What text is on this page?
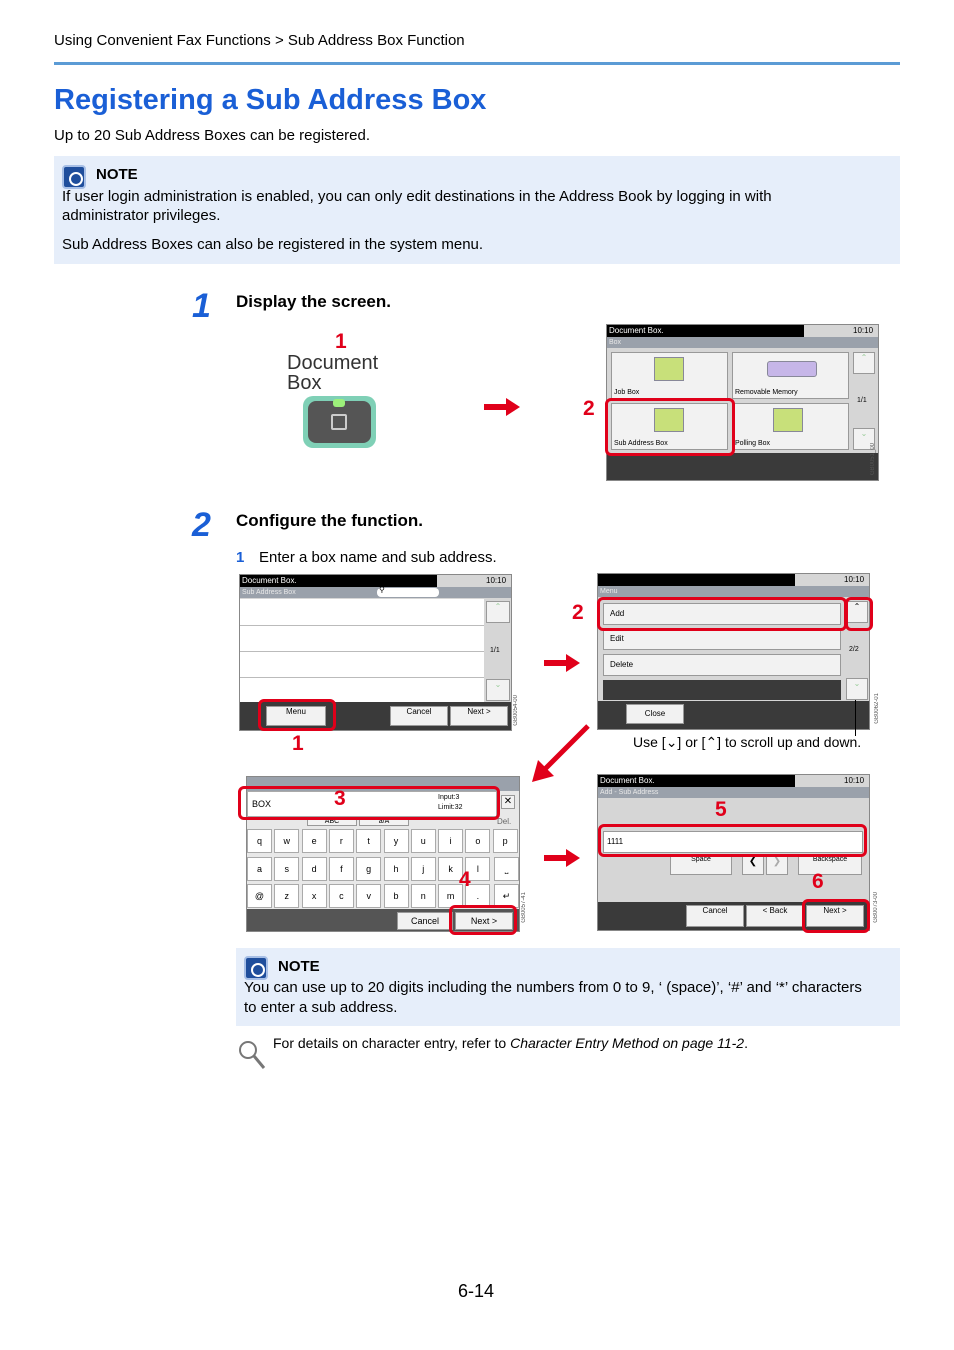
Using Convenient Fax Functions > Sub Address Box Function
Registering a Sub Address Box
Up to 20 Sub Address Boxes can be registered.
NOTE
If user login administration is enabled, you can only edit destinations in the Address Book by logging in with administrator privileges.
Sub Address Boxes can also be registered in the system menu.
1 Display the screen.
1
Document
Box
2
Document Box.	10:10
Box
Job Box	Removable Memory
Sub Address Box	Polling Box
⌃
1/1
⌄
GB0051_00
2 Configure the function.
1 Enter a box name and sub address.
Document Box.	10:10
Sub Address Box	⚲
⌃
1/1
⌄
Menu	Cancel	Next >
1
GB0054-00
2
10:10
Menu
Add
Edit
Delete
⌃
2/2
⌄
Close	GB0062-01
Use [⌄] or [⌃] to scroll up and down.
BOX
Input:3
Limit:32
✕
ABC	a/A	Del.
q	w	e	r	t	y	u	i	o	p
a	s	d	f	g	h	j	k	l
@	z	x	c	v	b	n	m	.
⎵
↵
Cancel	Next >
3
4
GB0057-41
Document Box.	10:10
Add - Sub Address
1111
Space	❮	❯	Backspace
Cancel	< Back	Next >
5
6
GB0073-00
NOTE
You can use up to 20 digits including the numbers from 0 to 9, ‘ (space)’, ‘#’ and ‘*’ characters to enter a sub address.
For details on character entry, refer to Character Entry Method on page 11-2.
6-14
